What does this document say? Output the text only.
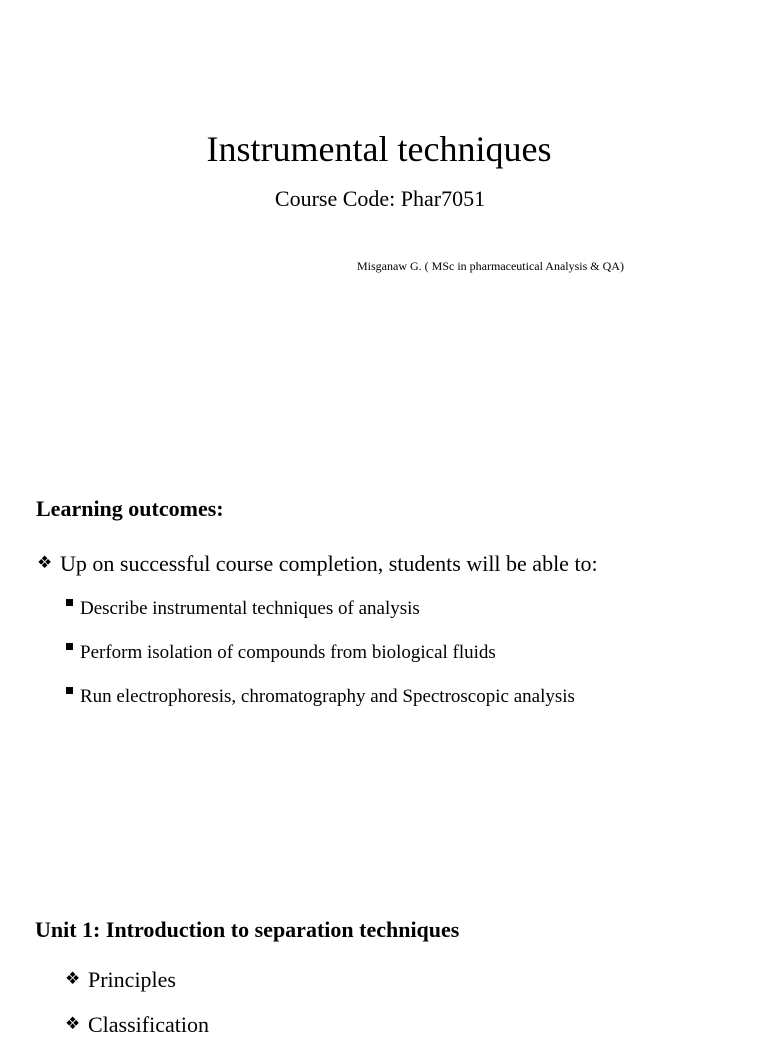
Instrumental techniques
Course Code: Phar7051
Misganaw G. ( MSc in pharmaceutical Analysis & QA)
Learning outcomes:
❖ Up on successful course completion, students will be able to:
Describe instrumental techniques of analysis
Perform isolation of compounds from biological fluids
Run electrophoresis, chromatography and Spectroscopic analysis
Unit 1: Introduction to separation techniques
❖ Principles
❖ Classification
